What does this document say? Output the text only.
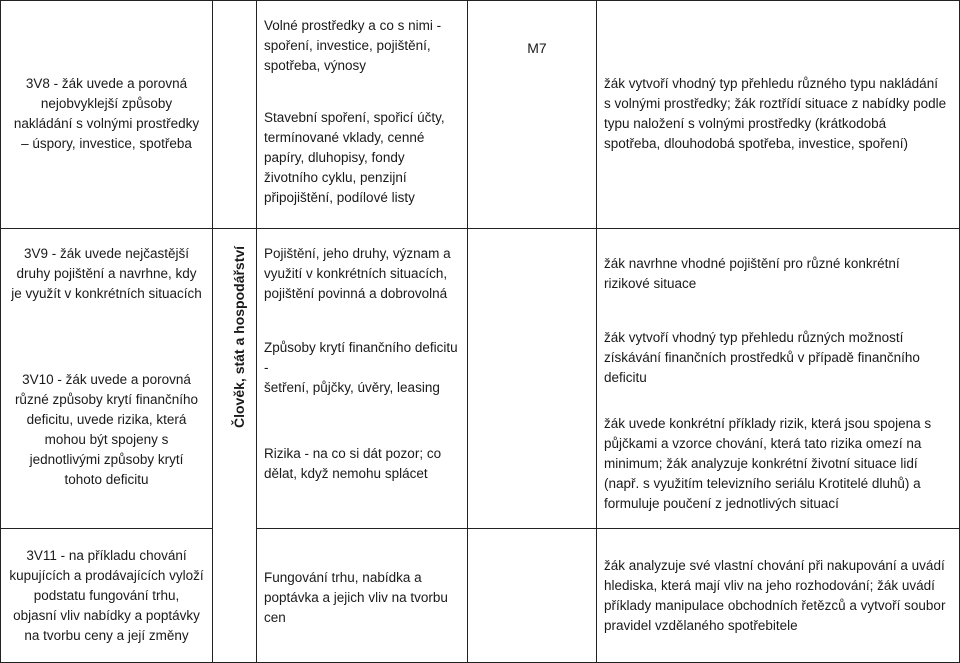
3V8 - žák uvede a porovná
nejobvyklejší způsoby
nakládání s volnými prostředky
– úspory, investice, spotřeba
Volné prostředky a co s nimi -
spoření, investice, pojištění,
spotřeba, výnosy
Stavební spoření, spořicí účty,
termínované vklady, cenné
papíry, dluhopisy, fondy
životního cyklu, penzijní
připojištění, podílové listy
M7
žák vytvoří vhodný typ přehledu různého typu nakládání
s volnými prostředky; žák roztřídí situace z nabídky podle
typu naložení s volnými prostředky (krátkodobá
spotřeba, dlouhodobá spotřeba, investice, spoření)
3V9 - žák uvede nejčastější
druhy pojištění a navrhne, kdy
je využít v konkrétních situacích
Pojištění, jeho druhy, význam a
využití v konkrétních situacích,
pojištění povinná a dobrovolná
žák navrhne vhodné pojištění pro různé konkrétní
rizikové situace
3V10 - žák uvede a porovná
různé způsoby krytí finančního
deficitu, uvede rizika, která
mohou být spojeny s
jednotlivými způsoby krytí
tohoto deficitu
Způsoby krytí finančního deficitu -
šetření, půjčky, úvěry, leasing
Rizika - na co si dát pozor; co
dělat, když nemohu splácet
žák vytvoří vhodný typ přehledu různých možností
získávání finančních prostředků v případě finančního
deficitu
žák uvede konkrétní příklady rizik, která jsou spojena s
půjčkami a vzorce chování, která tato rizika omezí na
minimum; žák analyzuje konkrétní životní situace lidí
(např. s využitím televizního seriálu Krotitelé dluhů) a
formuluje poučení z jednotlivých situací
Člověk, stát a hospodářství
3V11 - na příkladu chování
kupujících a prodávajících vyloží
podstatu fungování trhu,
objasní vliv nabídky a poptávky
na tvorbu ceny a její změny
Fungování trhu, nabídka a
poptávka a jejich vliv na tvorbu
cen
žák analyzuje své vlastní chování při nakupování a uvádí
hlediska, která mají vliv na jeho rozhodování; žák uvádí
příklady manipulace obchodních řetězců a vytvoří soubor
pravidel vzdělaného spotřebitele
